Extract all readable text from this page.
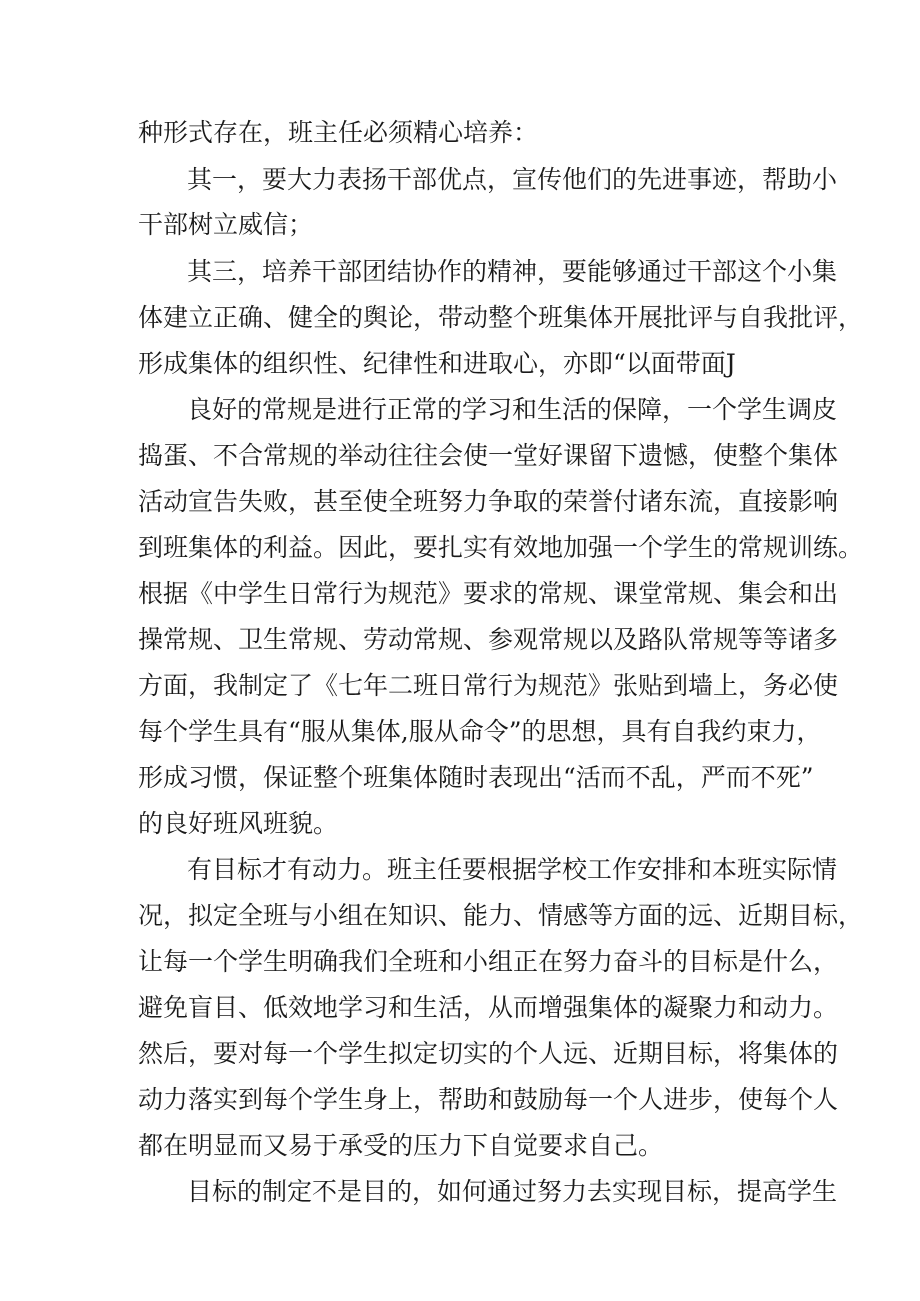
种形式存在，班主任必须精心培养：
其一，要大力表扬干部优点，宣传他们的先进事迹，帮助小
干部树立威信；
其三，培养干部团结协作的精神，要能够通过干部这个小集
体建立正确、健全的舆论，带动整个班集体开展批评与自我批评，
形成集体的组织性、纪律性和进取心，亦即“以面带面J
良好的常规是进行正常的学习和生活的保障，一个学生调皮
捣蛋、不合常规的举动往往会使一堂好课留下遗憾，使整个集体
活动宣告失败，甚至使全班努力争取的荣誉付诸东流，直接影响
到班集体的利益。因此，要扎实有效地加强一个学生的常规训练。
根据《中学生日常行为规范》要求的常规、课堂常规、集会和出
操常规、卫生常规、劳动常规、参观常规以及路队常规等等诸多
方面，我制定了《七年二班日常行为规范》张贴到墙上，务必使
每个学生具有“服从集体,服从命令”的思想，具有自我约束力，
形成习惯，保证整个班集体随时表现出“活而不乱，严而不死”
的良好班风班貌。
有目标才有动力。班主任要根据学校工作安排和本班实际情
况，拟定全班与小组在知识、能力、情感等方面的远、近期目标，
让每一个学生明确我们全班和小组正在努力奋斗的目标是什么，
避免盲目、低效地学习和生活，从而增强集体的凝聚力和动力。
然后，要对每一个学生拟定切实的个人远、近期目标，将集体的
动力落实到每个学生身上，帮助和鼓励每一个人进步，使每个人
都在明显而又易于承受的压力下自觉要求自己。
目标的制定不是目的，如何通过努力去实现目标，提高学生
